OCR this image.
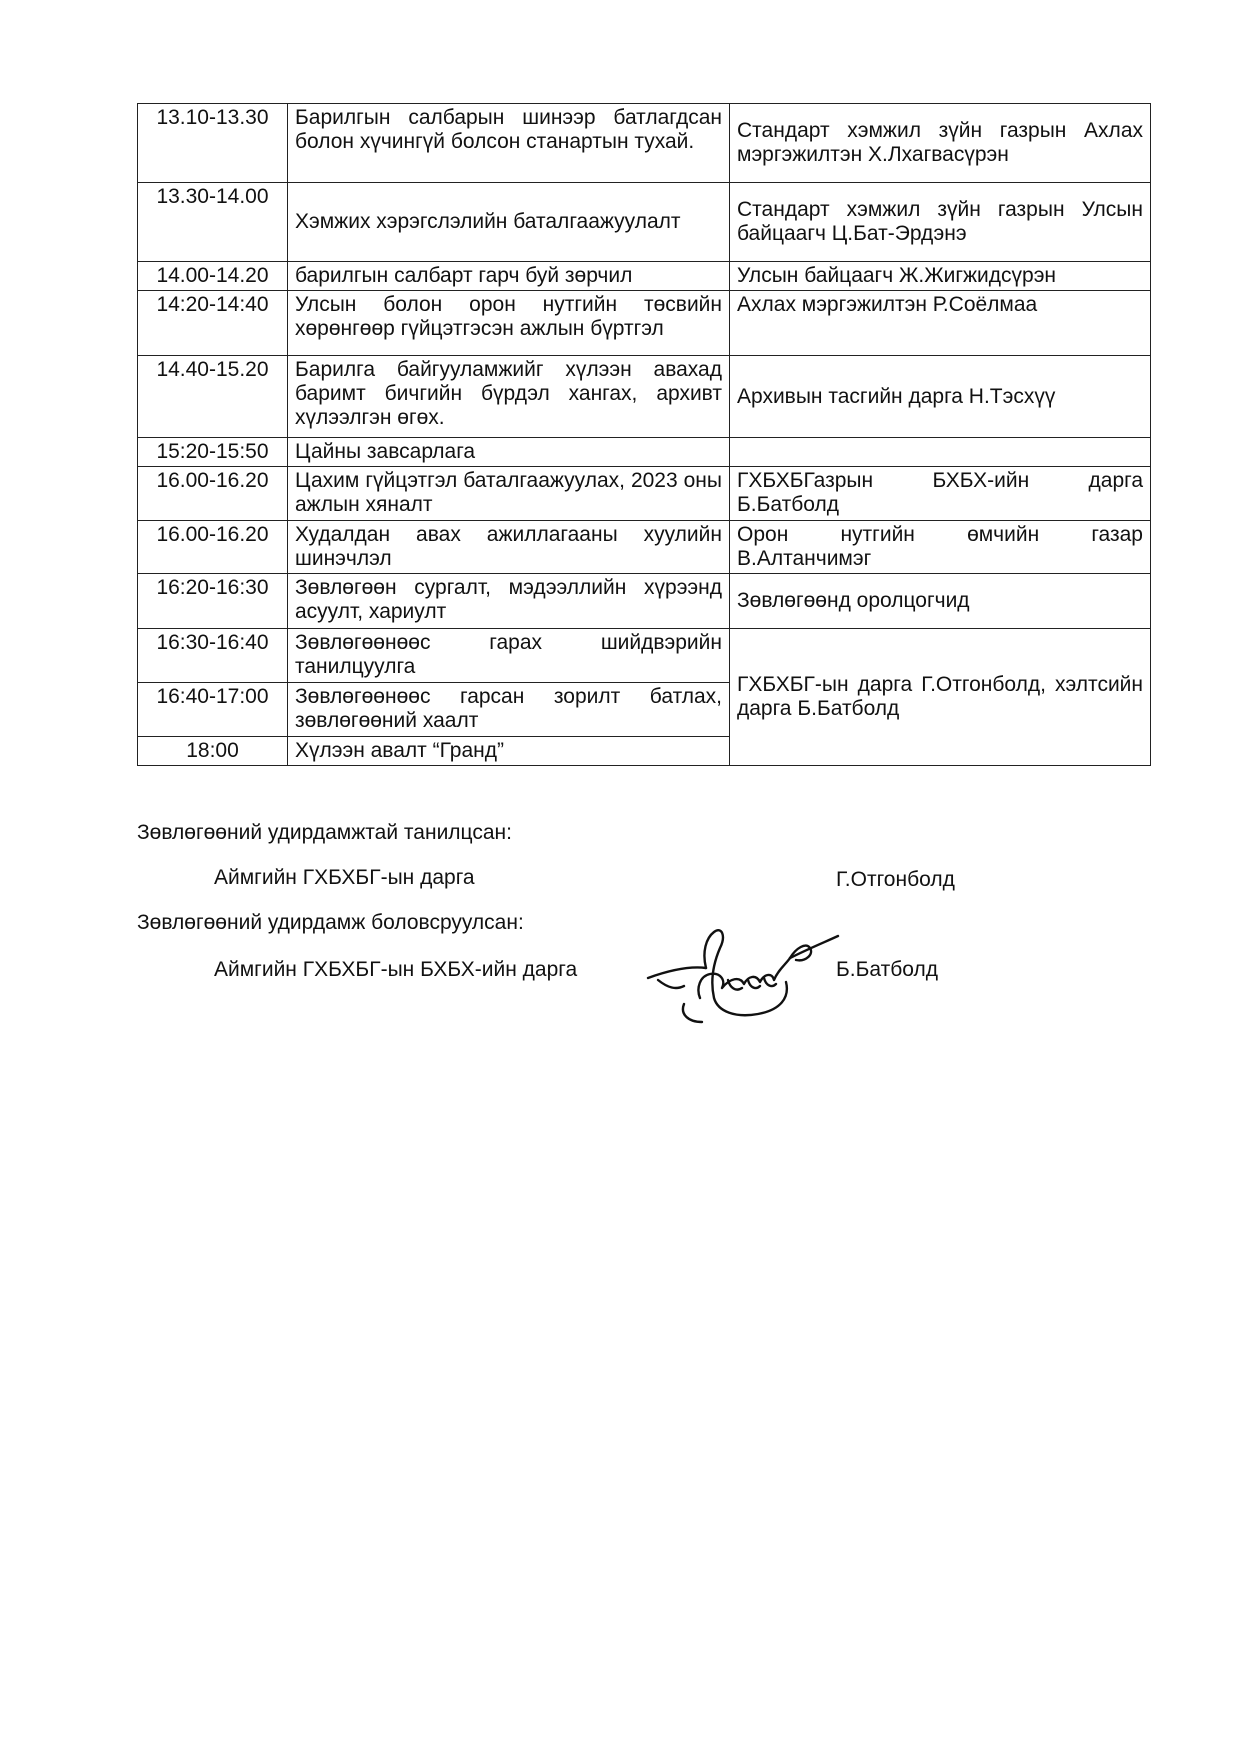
13.10-13.30	Барилгын салбарын шинээр батлагдсан болон хүчингүй болсон станартын тухай.	Стандарт хэмжил зүйн газрын Ахлах мэргэжилтэн Х.Лхагвасүрэн
13.30-14.00	Хэмжих хэрэгслэлийн баталгаажуулалт	Стандарт хэмжил зүйн газрын Улсын байцаагч Ц.Бат-Эрдэнэ
14.00-14.20	барилгын салбарт гарч буй зөрчил	Улсын байцаагч Ж.Жигжидсүрэн
14:20-14:40	Улсын болон орон нутгийн төсвийн хөрөнгөөр гүйцэтгэсэн ажлын бүртгэл	Ахлах мэргэжилтэн Р.Соёлмаа
14.40-15.20	Барилга байгууламжийг хүлээн авахад баримт бичгийн бүрдэл хангах, архивт хүлээлгэн өгөх.	Архивын тасгийн дарга Н.Тэсхүү
15:20-15:50	Цайны завсарлага	
16.00-16.20	Цахим гүйцэтгэл баталгаажуулах, 2023 оны ажлын хяналт	ГХБХБГазрын БХБХ-ийн дарга Б.Батболд
16.00-16.20	Худалдан авах ажиллагааны хуулийн шинэчлэл	Орон нутгийн өмчийн газар В.Алтанчимэг
16:20-16:30	Зөвлөгөөн сургалт, мэдээллийн хүрээнд асуулт, хариулт	Зөвлөгөөнд оролцогчид
16:30-16:40	Зөвлөгөөнөөс гарах шийдвэрийн танилцуулга	ГХБХБГ-ын дарга Г.Отгонболд, хэлтсийн дарга Б.Батболд
16:40-17:00	Зөвлөгөөнөөс гарсан зорилт батлах, зөвлөгөөний хаалт	
18:00	Хүлээн авалт “Гранд”	
Зөвлөгөөний удирдамжтай танилцсан:
Аймгийн ГХБХБГ-ын дарга	Г.Отгонболд
Зөвлөгөөний удирдамж боловсруулсан:
Аймгийн ГХБХБГ-ын БХБХ-ийн дарга	Б.Батболд
